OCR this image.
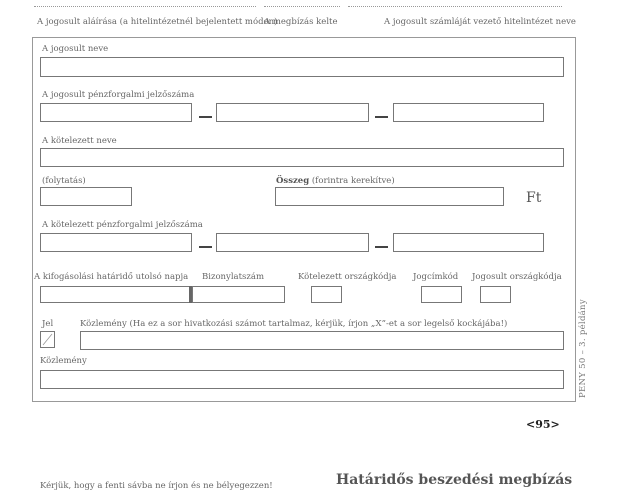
A jogosult aláírása (a hitelintézetnél bejelentett módon)
A megbízás kelte	A jogosult számláját vezető hitelintézet neve
A jogosult neve
A jogosult pénzforgalmi jelzőszáma
A kötelezett neve
(folytatás)	Összeg (forintra kerekítve)
Ft
A kötelezett pénzforgalmi jelzőszáma
A kifogásolási határidő utolsó napja Bizonylatszám	Kötelezett országkódja Jogcímkód Jogosult országkódja
Jel	Közlemény (Ha ez a sor hivatkozási számot tartalmaz, kérjük, írjon „X”-et a sor legelső kockájába!)
Közlemény	PENY 50 – 3. példány
<95>
Kérjük, hogy a fenti sávba ne írjon és ne bélyegezzen!	Határidős beszedési megbízás
